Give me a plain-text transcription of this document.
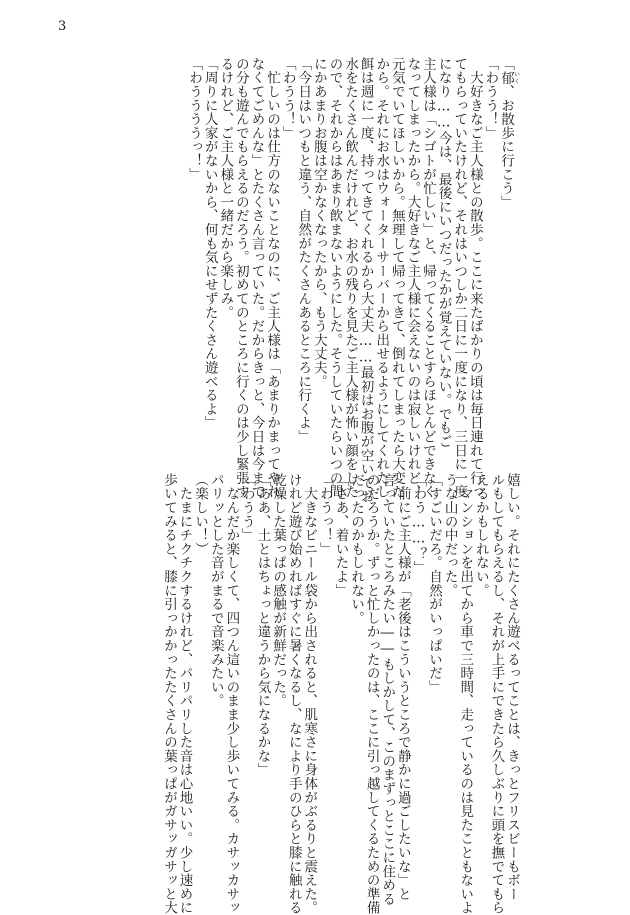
3

「郁いく、お散歩に行こう」

「わうう！」

　大好きなご主人様との散歩。ここに来たばかりの頃は毎日連れて行っ

てもらっていたけれど、それはいつしか二日に一度になり、三日に一度

になり……今は、最後にいつだったかが覚えていない。でもご

主人様は「シゴトが忙しい」と、帰ってくることすらほとんどできなく

なってしまったから。大好きなご主人様に会えないのは寂しいけれど、

元気でいてほしいから。無理して帰ってきて、倒れてしまったら大変だ

から。それにお水はウォーターサーバーから出せるようにしてくれたし、

餌は週に一度、持ってきてくれるから大丈夫……最初はお腹が空いてお

水をたくさん飲んだけれど、お水の残りを見たご主人様が怖い顔をした

ので、それからはあまり飲まないようにした。そうしていたらいつの間

にかあまりお腹は空かなくなったから、もう大丈夫。

「今日はいつもと違う、自然がたくさんあるところに行くよ」

「わうう！」

　忙しいのは仕方のないことなのに、ご主人様は「あまりかまってやれ

なくてごめんな」とたくさん言っていた。だからきっと、今日は今まで

の分も遊んでもらえるのだろう。初めてのところに行くのは少し緊張す

るけれど、ご主人様と一緒だから楽しみ。

「周りに人家がないから、何も気にせずたくさん遊べるよ」

「わううううっ！」

嬉しい。それにたくさん遊べるってことは、きっとフリスビーもボー

ルもしてもらえるし、それが上手にできたら久しぶりに頭を撫でてもら

えるかもしれない。

　マンションを出てから車で三時間、走っているのは見たこともないよ

うな山の中だった。

「すごいだろ。自然がいっぱいだ」

「わう……？」

　前にご主人様が「老後はこういうところで静かに過ごしたいな」と

言っていたところみたい――もしかして、このまずっとここに住める

のだろうか。ずっと忙しかったのは、ここに引っ越してくるための準備

だったのかもしれない。

「さあ、着いたよ」

「わうっ！」

　大きなビニール袋から出されると、肌寒さに身体がぶるりと震えた。

けれど遊び始めればすぐに暑くなるし、なにより手のひらと膝に触れる

乾燥した葉っぱの感触が新鮮だった。

「ああ、土とはちょっと違うから気になるかな」

「わうう」

　なんだか楽しくて、四つん這いのまま少し歩いてみる。カサッカサッ

パリッとした音がまるで音楽みたい。

（楽しい！）

　たまにチクチクするけれど、パリパリした音は心地いい。少し速めに

歩いてみると、膝に引っかかったたくさんの葉っぱがガサッガサッと大
